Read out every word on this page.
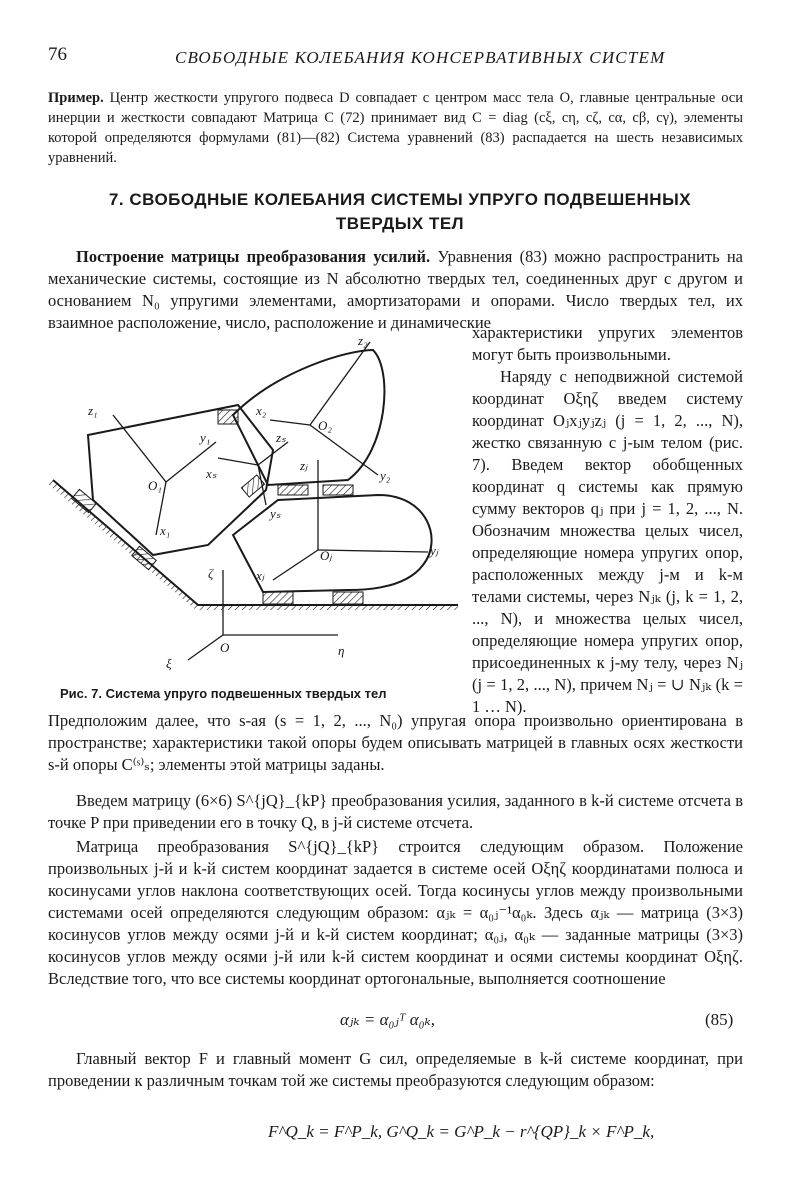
76	СВОБОДНЫЕ КОЛЕБАНИЯ КОНСЕРВАТИВНЫХ СИСТЕМ
Пример. Центр жесткости упругого подвеса D совпадает с центром масс тела O, главные центральные оси инерции и жесткости совпадают Матрица C (72) принимает вид C = diag (cξ, cη, cζ, cα, cβ, cγ), элементы которой определяются формулами (81)—(82) Система уравнений (83) распадается на шесть независимых уравнений.
7. СВОБОДНЫЕ КОЛЕБАНИЯ СИСТЕМЫ УПРУГО ПОДВЕШЕННЫХ
ТВЕРДЫХ ТЕЛ
Построение матрицы преобразования усилий. Уравнения (83) можно распространить на механические системы, состоящие из N абсолютно твердых тел, соединенных друг с другом и основанием N₀ упругими элементами, амортизаторами и опорами. Число твердых тел, их взаимное расположение, число, расположение и динамические
характеристики упругих элементов могут быть произвольными.
Наряду с неподвижной системой координат Oξηζ введем систему координат Oⱼxⱼyⱼzⱼ (j = 1, 2, ..., N), жестко связанную с j-ым телом (рис. 7). Введем вектор обобщенных координат q системы как прямую сумму векторов qⱼ при j = 1, 2, ..., N. Обозначим множества целых чисел, определяющие номера упругих опор, расположенных между j-м и k-м телами системы, через Nⱼₖ (j, k = 1, 2, ..., N), и множества целых чисел, определяющие номера упругих опор, присоединенных к j-му телу, через Nⱼ (j = 1, 2, ..., N), причем Nⱼ = ∪ Nⱼₖ (k = 1 … N).
z₁
y₁
x₁
O₁
z₂
x₂
y₂
O₂
zₛ
xₛ
yₛ
zⱼ
yⱼ
xⱼ
Oⱼ
ζ
ξ
η
O
Рис. 7. Система упруго подвешенных твердых тел
Предположим далее, что s-ая (s = 1, 2, ..., N₀) упругая опора произвольно ориентирована в пространстве; характеристики такой опоры будем описывать матрицей в главных осях жесткости s-й опоры C⁽ˢ⁾ₛ; элементы этой матрицы заданы.
Введем матрицу (6×6) S^{jQ}_{kP} преобразования усилия, заданного в k-й системе отсчета в точке P при приведении его в точку Q, в j-й системе отсчета.
Матрица преобразования S^{jQ}_{kP} строится следующим образом. Положение произвольных j-й и k-й систем координат задается в системе осей Oξηζ координатами полюса и косинусами углов наклона соответствующих осей. Тогда косинусы углов между произвольными системами осей определяются следующим образом: αⱼₖ = α₀ⱼ⁻¹α₀ₖ. Здесь αⱼₖ — матрица (3×3) косинусов углов между осями j-й и k-й систем координат; α₀ⱼ, α₀ₖ — заданные матрицы (3×3) косинусов углов между осями j-й или k-й систем координат и осями системы координат Oξηζ. Вследствие того, что все системы координат ортогональные, выполняется соотношение
αⱼₖ = α₀ⱼᵀ α₀ₖ,	(85)
Главный вектор F и главный момент G сил, определяемые в k-й системе координат, при проведении к различным точкам той же системы преобразуются следующим образом:
F^Q_k = F^P_k, G^Q_k = G^P_k − r^{QP}_k × F^P_k,
